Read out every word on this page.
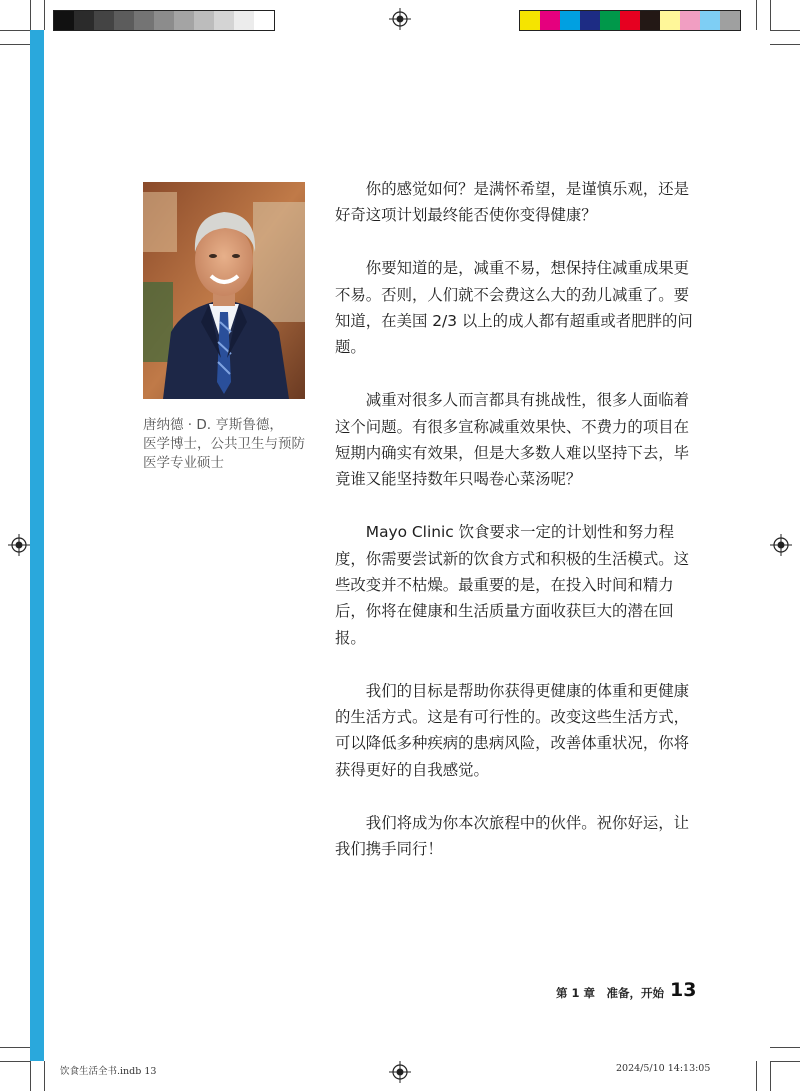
唐纳德 · D. 亨斯鲁德，
医学博士，公共卫生与预防
医学专业硕士

你的感觉如何？是满怀希望，是谨慎乐观，还是好奇这项计划最终能否使你变得健康？

你要知道的是，减重不易，想保持住减重成果更不易。否则，人们就不会费这么大的劲儿减重了。要知道，在美国 2/3 以上的成人都有超重或者肥胖的问题。

减重对很多人而言都具有挑战性，很多人面临着这个问题。有很多宣称减重效果快、不费力的项目在短期内确实有效果，但是大多数人难以坚持下去，毕竟谁又能坚持数年只喝卷心菜汤呢？

Mayo Clinic 饮食要求一定的计划性和努力程度，你需要尝试新的饮食方式和积极的生活模式。这些改变并不枯燥。最重要的是，在投入时间和精力后，你将在健康和生活质量方面收获巨大的潜在回报。

我们的目标是帮助你获得更健康的体重和更健康的生活方式。这是有可行性的。改变这些生活方式，可以降低多种疾病的患病风险，改善体重状况，你将获得更好的自我感觉。

我们将成为你本次旅程中的伙伴。祝你好运，让我们携手同行！

第 1 章　准备，开始 13
饮食生活全书.indb 13	2024/5/10 14:13:05
